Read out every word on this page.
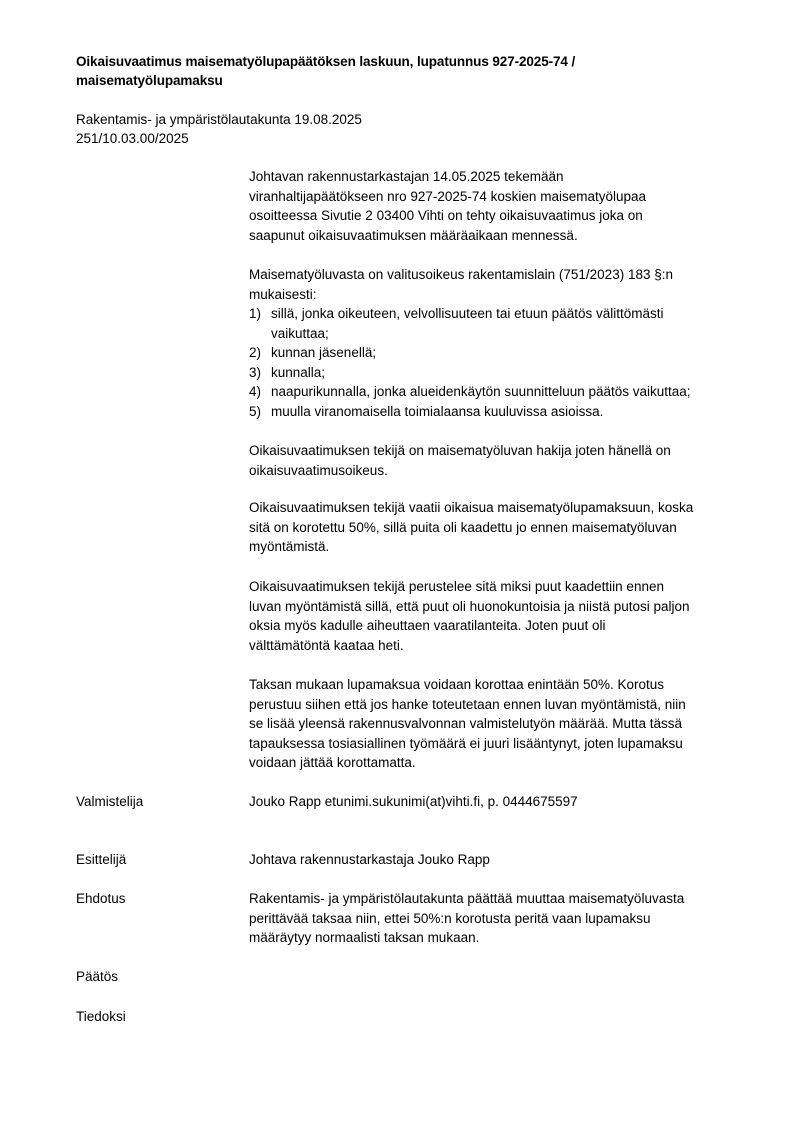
Oikaisuvaatimus maisematyölupapäätöksen laskuun, lupatunnus 927-2025-74 /
maisematyölupamaksu
Rakentamis- ja ympäristölautakunta 19.08.2025
251/10.03.00/2025
Johtavan rakennustarkastajan 14.05.2025 tekemään
viranhaltijapäätökseen nro 927-2025-74 koskien maisematyölupaa
osoitteessa Sivutie 2 03400 Vihti on tehty oikaisuvaatimus joka on
saapunut oikaisuvaatimuksen määräaikaan mennessä.
Maisematyöluvasta on valitusoikeus rakentamislain (751/2023) 183 §:n
mukaisesti:
1) sillä, jonka oikeuteen, velvollisuuteen tai etuun päätös välittömästi
vaikuttaa;
2) kunnan jäsenellä;
3) kunnalla;
4) naapurikunnalla, jonka alueidenkäytön suunnitteluun päätös vaikuttaa;
5) muulla viranomaisella toimialaansa kuuluvissa asioissa.
Oikaisuvaatimuksen tekijä on maisematyöluvan hakija joten hänellä on
oikaisuvaatimusoikeus.
Oikaisuvaatimuksen tekijä vaatii oikaisua maisematyölupamaksuun, koska
sitä on korotettu 50%, sillä puita oli kaadettu jo ennen maisematyöluvan
myöntämistä.
Oikaisuvaatimuksen tekijä perustelee sitä miksi puut kaadettiin ennen
luvan myöntämistä sillä, että puut oli huonokuntoisia ja niistä putosi paljon
oksia myös kadulle aiheuttaen vaaratilanteita. Joten puut oli
välttämätöntä kaataa heti.
Taksan mukaan lupamaksua voidaan korottaa enintään 50%. Korotus
perustuu siihen että jos hanke toteutetaan ennen luvan myöntämistä, niin
se lisää yleensä rakennusvalvonnan valmistelutyön määrää. Mutta tässä
tapauksessa tosiasiallinen työmäärä ei juuri lisääntynyt, joten lupamaksu
voidaan jättää korottamatta.
Valmistelija	Jouko Rapp etunimi.sukunimi(at)vihti.fi, p. 0444675597
Esittelijä	Johtava rakennustarkastaja Jouko Rapp
Ehdotus	Rakentamis- ja ympäristölautakunta päättää muuttaa maisematyöluvasta
perittävää taksaa niin, ettei 50%:n korotusta peritä vaan lupamaksu
määräytyy normaalisti taksan mukaan.
Päätös
Tiedoksi
